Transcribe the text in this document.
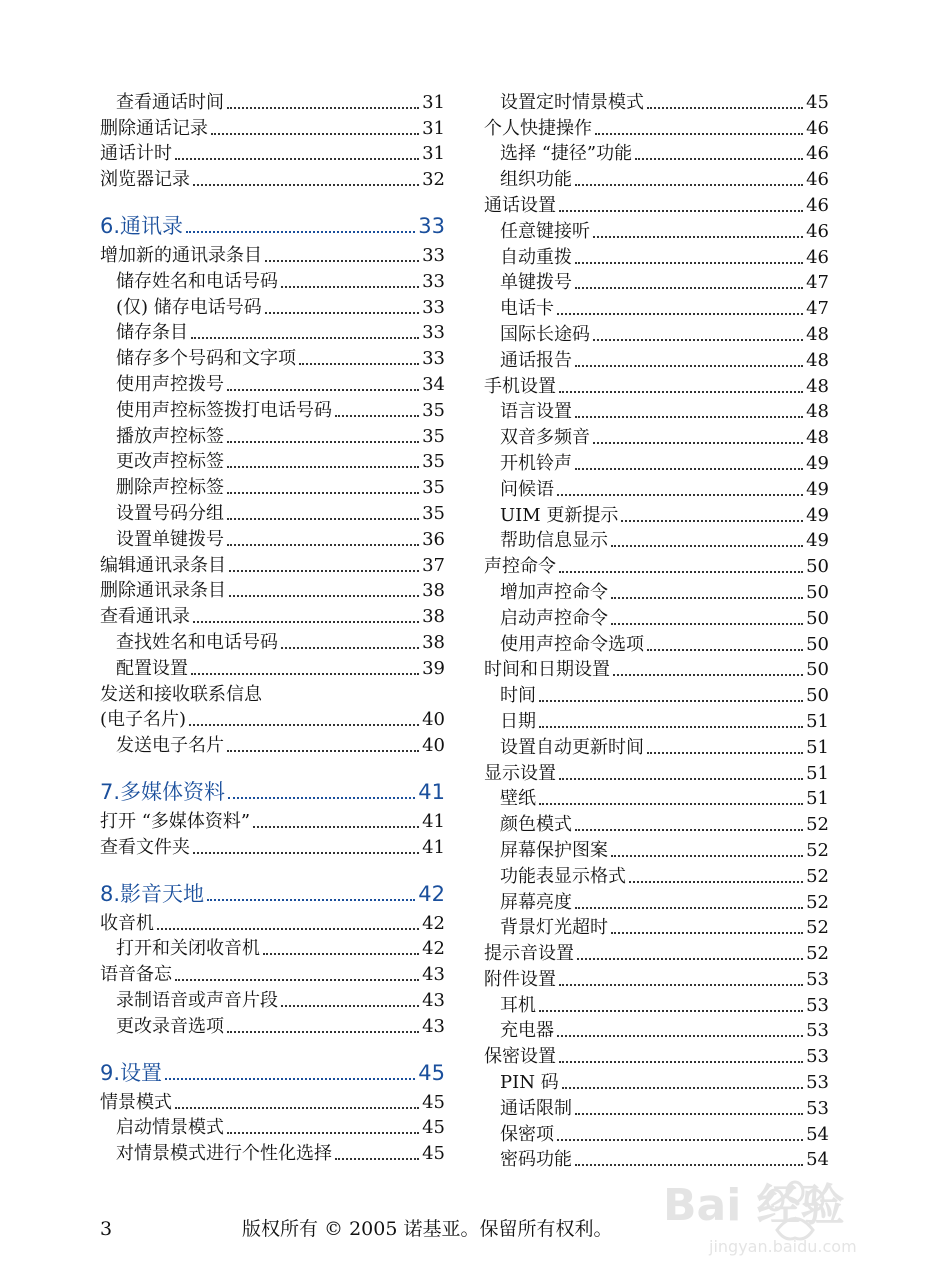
查看通话时间	31
删除通话记录	31
通话计时	31
浏览器记录	32
6.通讯录	33
增加新的通讯录条目	33
储存姓名和电话号码	33
(仅) 储存电话号码	33
储存条目	33
储存多个号码和文字项	33
使用声控拨号	34
使用声控标签拨打电话号码	35
播放声控标签	35
更改声控标签	35
删除声控标签	35
设置号码分组	35
设置单键拨号	36
编辑通讯录条目	37
删除通讯录条目	38
查看通讯录	38
查找姓名和电话号码	38
配置设置	39
发送和接收联系信息
(电子名片)	40
发送电子名片	40
7.多媒体资料	41
打开 “多媒体资料”	41
查看文件夹	41
8.影音天地	42
收音机	42
打开和关闭收音机	42
语音备忘	43
录制语音或声音片段	43
更改录音选项	43
9.设置	45
情景模式	45
启动情景模式	45
对情景模式进行个性化选择	45
设置定时情景模式	45
个人快捷操作	46
选择 “捷径”功能	46
组织功能	46
通话设置	46
任意键接听	46
自动重拨	46
单键拨号	47
电话卡	47
国际长途码	48
通话报告	48
手机设置	48
语言设置	48
双音多频音	48
开机铃声	49
问候语	49
UIM 更新提示	49
帮助信息显示	49
声控命令	50
增加声控命令	50
启动声控命令	50
使用声控命令选项	50
时间和日期设置	50
时间	50
日期	51
设置自动更新时间	51
显示设置	51
壁纸	51
颜色模式	52
屏幕保护图案	52
功能表显示格式	52
屏幕亮度	52
背景灯光超时	52
提示音设置	52
附件设置	53
耳机	53
充电器	53
保密设置	53
PIN 码	53
通话限制	53
保密项	54
密码功能	54
3	版权所有 © 2005 诺基亚。保留所有权利。 Bai 经验
jingyan.baidu.com
